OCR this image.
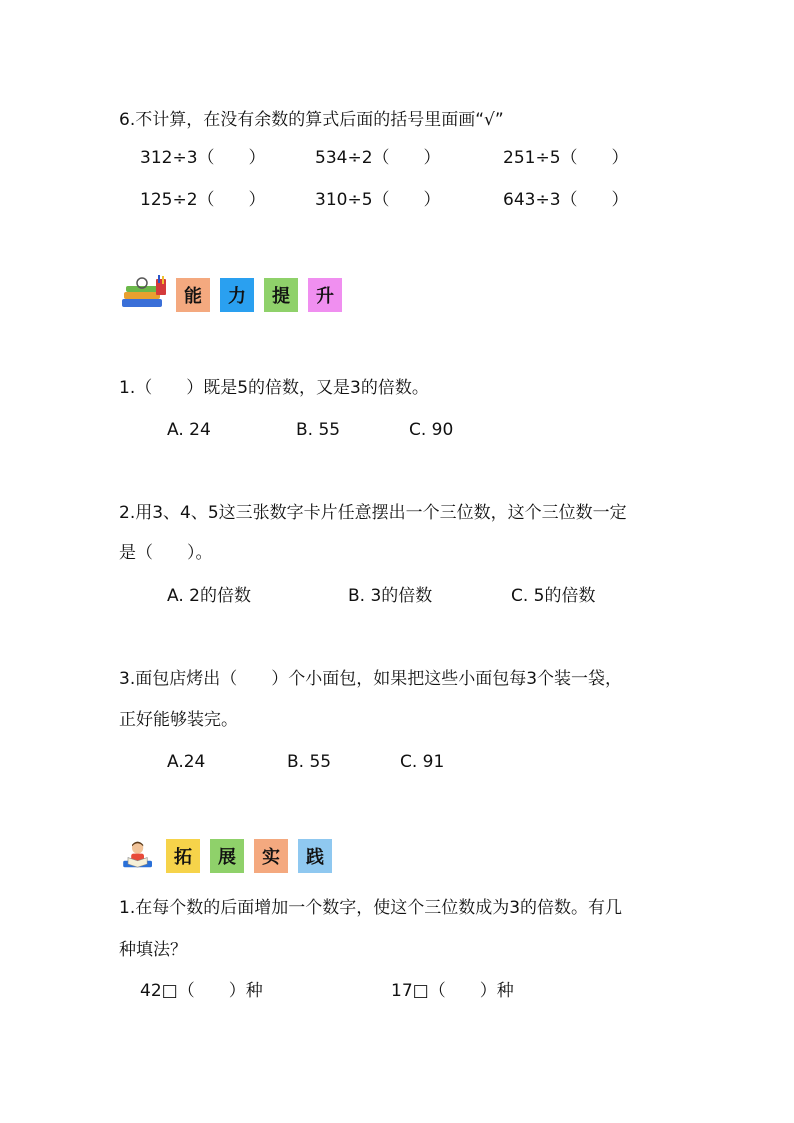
6.不计算，在没有余数的算式后面的括号里面画“√”
312÷3（　　）	534÷2（　　）	251÷5（　　）
125÷2（　　）	310÷5（　　）	643÷3（　　）
能	力	提	升
1.（　　）既是5的倍数，又是3的倍数。
A. 24	B. 55	C. 90
2.用3、4、5这三张数字卡片任意摆出一个三位数，这个三位数一定
是（　　）。
A. 2的倍数	B. 3的倍数	C. 5的倍数
3.面包店烤出（　　）个小面包，如果把这些小面包每3个装一袋，
正好能够装完。
A.24	B. 55	C. 91
拓	展	实	践
1.在每个数的后面增加一个数字，使这个三位数成为3的倍数。有几
种填法？
42□（　　）种	17□（　　）种
